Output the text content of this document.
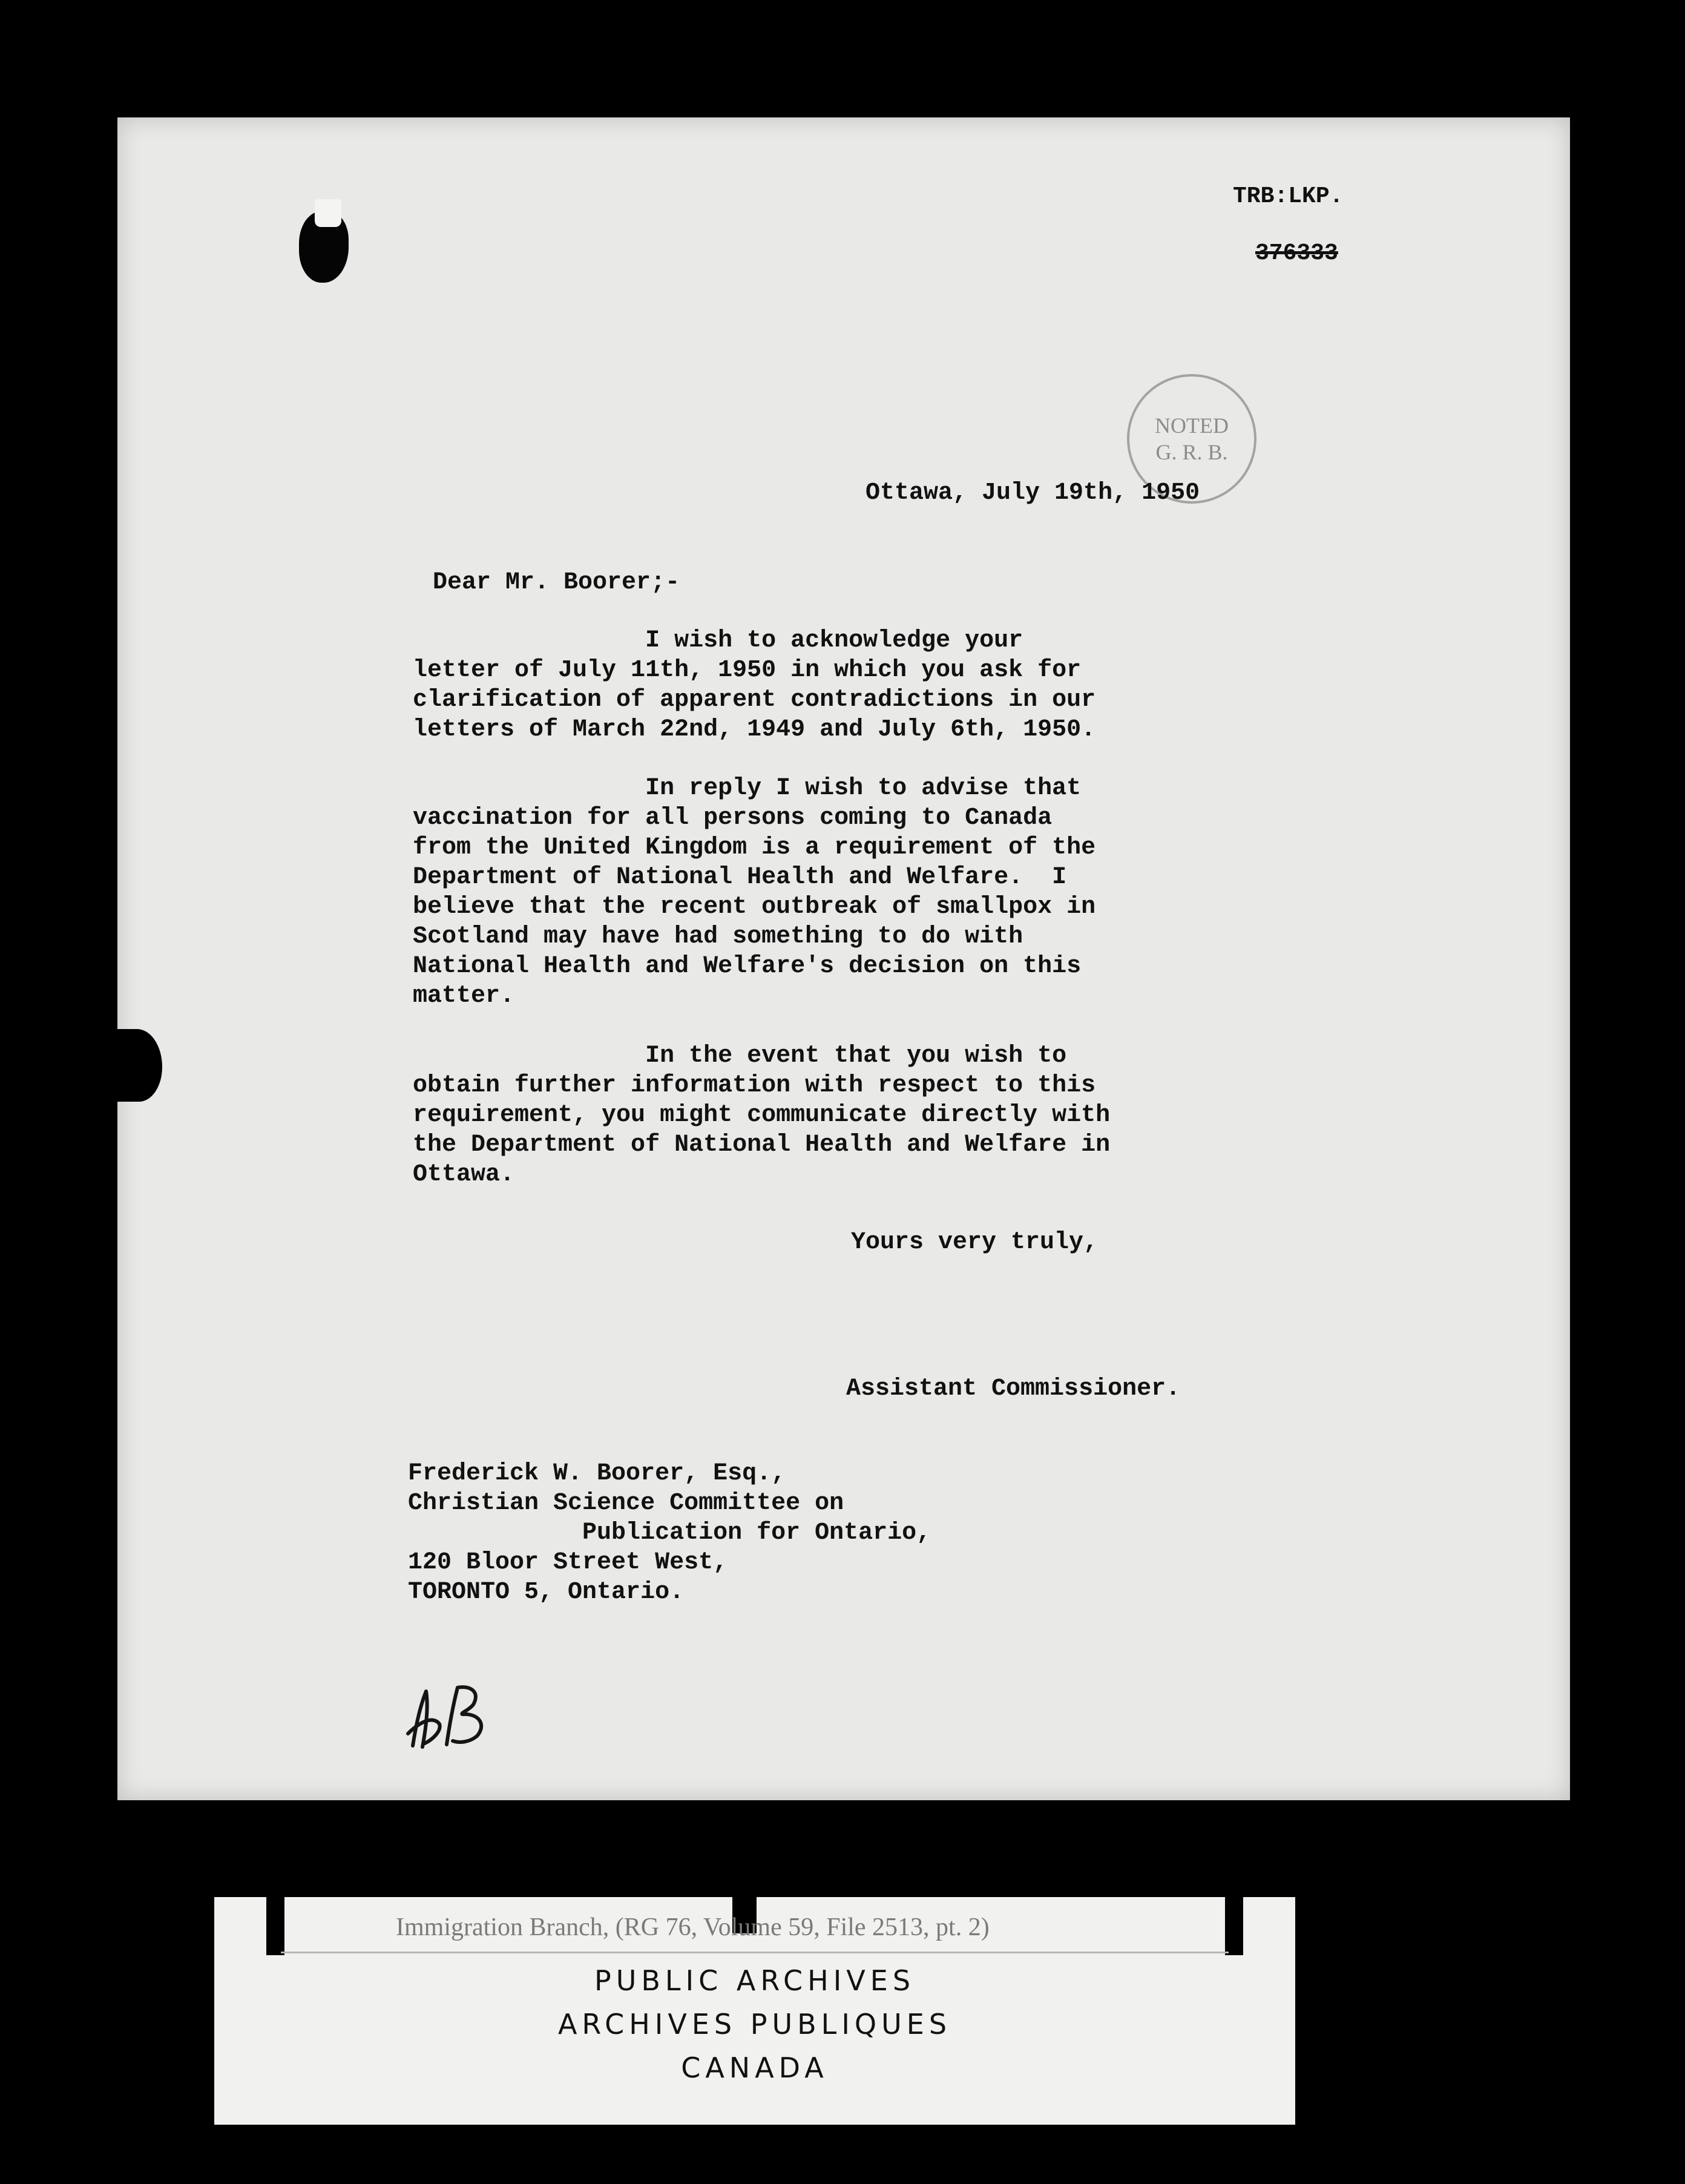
TRB:LKP.

376333

NOTED
G. R. B.

Ottawa, July 19th, 1950

Dear Mr. Boorer;-

I wish to acknowledge your
letter of July 11th, 1950 in which you ask for
clarification of apparent contradictions in our
letters of March 22nd, 1949 and July 6th, 1950.

In reply I wish to advise that
vaccination for all persons coming to Canada
from the United Kingdom is a requirement of the
Department of National Health and Welfare.  I
believe that the recent outbreak of smallpox in
Scotland may have had something to do with
National Health and Welfare's decision on this
matter.

In the event that you wish to
obtain further information with respect to this
requirement, you might communicate directly with
the Department of National Health and Welfare in
Ottawa.

Yours very truly,

Assistant Commissioner.

Frederick W. Boorer, Esq.,
Christian Science Committee on
Publication for Ontario,
120 Bloor Street West,
TORONTO 5, Ontario.

Immigration Branch, (RG 76, Volume 59, File 2513, pt. 2)
PUBLIC ARCHIVES
ARCHIVES PUBLIQUES
CANADA
